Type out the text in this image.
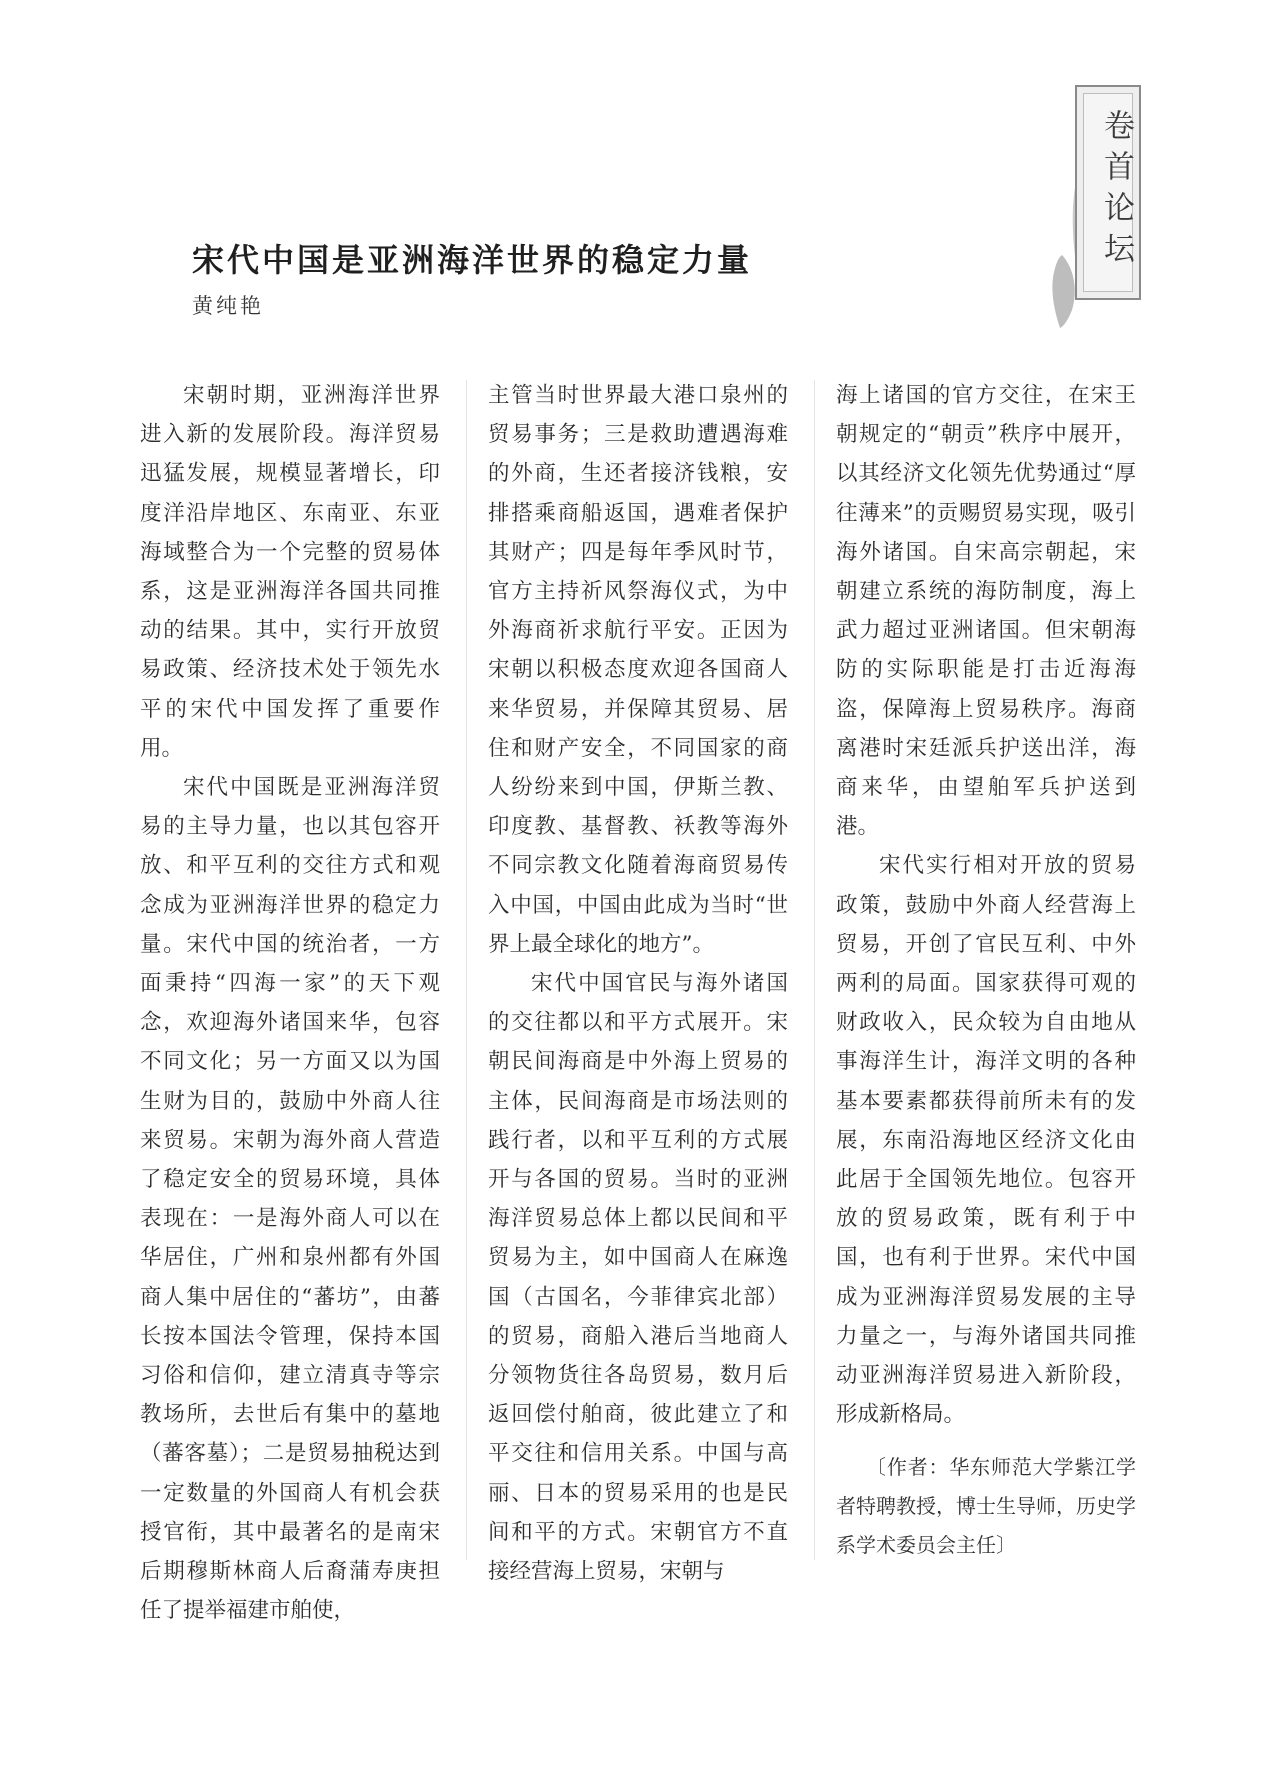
卷首论坛
宋代中国是亚洲海洋世界的稳定力量
黄纯艳

宋朝时期，亚洲海洋世界进入新的发展阶段。海洋贸易迅猛发展，规模显著增长，印度洋沿岸地区、东南亚、东亚海域整合为一个完整的贸易体系，这是亚洲海洋各国共同推动的结果。其中，实行开放贸易政策、经济技术处于领先水平的宋代中国发挥了重要作用。

宋代中国既是亚洲海洋贸易的主导力量，也以其包容开放、和平互利的交往方式和观念成为亚洲海洋世界的稳定力量。宋代中国的统治者，一方面秉持“四海一家”的天下观念，欢迎海外诸国来华，包容不同文化；另一方面又以为国生财为目的，鼓励中外商人往来贸易。宋朝为海外商人营造了稳定安全的贸易环境，具体表现在：一是海外商人可以在华居住，广州和泉州都有外国商人集中居住的“蕃坊”，由蕃长按本国法令管理，保持本国习俗和信仰，建立清真寺等宗教场所，去世后有集中的墓地（蕃客墓）；二是贸易抽税达到一定数量的外国商人有机会获授官衔，其中最著名的是南宋后期穆斯林商人后裔蒲寿庚担任了提举福建市舶使，

主管当时世界最大港口泉州的贸易事务；三是救助遭遇海难的外商，生还者接济钱粮，安排搭乘商船返国，遇难者保护其财产；四是每年季风时节，官方主持祈风祭海仪式，为中外海商祈求航行平安。正因为宋朝以积极态度欢迎各国商人来华贸易，并保障其贸易、居住和财产安全，不同国家的商人纷纷来到中国，伊斯兰教、印度教、基督教、袄教等海外不同宗教文化随着海商贸易传入中国，中国由此成为当时“世界上最全球化的地方”。

宋代中国官民与海外诸国的交往都以和平方式展开。宋朝民间海商是中外海上贸易的主体，民间海商是市场法则的践行者，以和平互利的方式展开与各国的贸易。当时的亚洲海洋贸易总体上都以民间和平贸易为主，如中国商人在麻逸国（古国名，今菲律宾北部）的贸易，商船入港后当地商人分领物货往各岛贸易，数月后返回偿付舶商，彼此建立了和平交往和信用关系。中国与高丽、日本的贸易采用的也是民间和平的方式。宋朝官方不直接经营海上贸易，宋朝与

海上诸国的官方交往，在宋王朝规定的“朝贡”秩序中展开，以其经济文化领先优势通过“厚往薄来”的贡赐贸易实现，吸引海外诸国。自宋高宗朝起，宋朝建立系统的海防制度，海上武力超过亚洲诸国。但宋朝海防的实际职能是打击近海海盗，保障海上贸易秩序。海商离港时宋廷派兵护送出洋，海商来华，由望舶军兵护送到港。

宋代实行相对开放的贸易政策，鼓励中外商人经营海上贸易，开创了官民互利、中外两利的局面。国家获得可观的财政收入，民众较为自由地从事海洋生计，海洋文明的各种基本要素都获得前所未有的发展，东南沿海地区经济文化由此居于全国领先地位。包容开放的贸易政策，既有利于中国，也有利于世界。宋代中国成为亚洲海洋贸易发展的主导力量之一，与海外诸国共同推动亚洲海洋贸易进入新阶段，形成新格局。

〔作者：华东师范大学紫江学者特聘教授，博士生导师，历史学系学术委员会主任〕
